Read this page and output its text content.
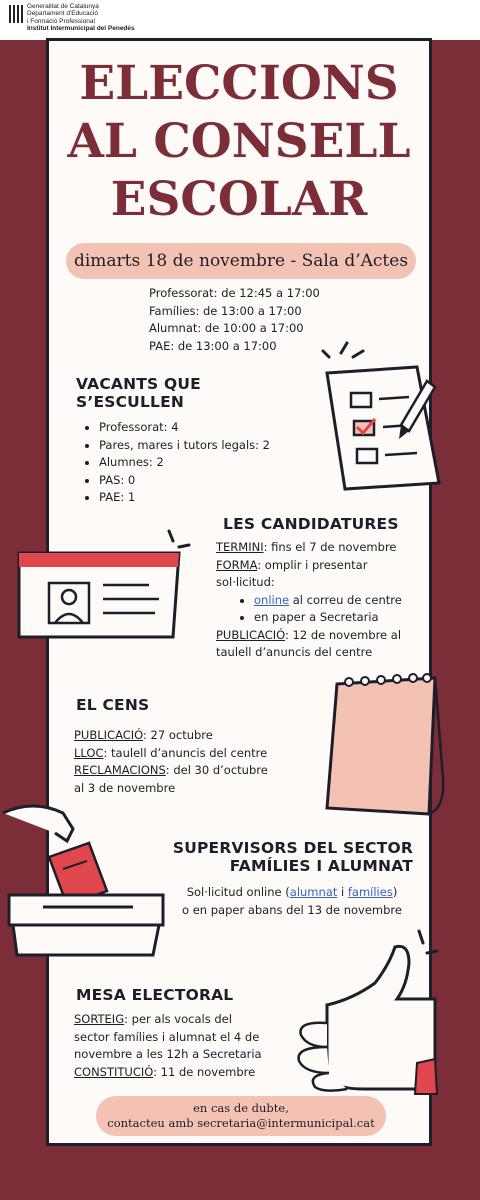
Generalitat de Catalunya
Departament d'Educació
i Formació Professional
Institut Intermunicipal del Penedès
ELECCIONS
AL CONSELL
ESCOLAR
dimarts 18 de novembre - Sala d’Actes
Professorat: de 12:45 a 17:00
Famílies: de 13:00 a 17:00
Alumnat: de 10:00 a 17:00
PAE: de 13:00 a 17:00
VACANTS QUE
S’ESCULLEN
• Professorat: 4
• Pares, mares i tutors legals: 2
• Alumnes: 2
• PAS: 0
• PAE: 1
LES CANDIDATURES
TERMINI: fins el 7 de novembre
FORMA: omplir i presentar
sol·licitud:
• online al correu de centre
• en paper a Secretaria
PUBLICACIÓ: 12 de novembre al
taulell d’anuncis del centre
EL CENS
PUBLICACIÓ: 27 octubre
LLOC: taulell d’anuncis del centre
RECLAMACIONS: del 30 d’octubre
al 3 de novembre
SUPERVISORS DEL SECTOR
FAMÍLIES I ALUMNAT
Sol·licitud online (alumnat i famílies)
o en paper abans del 13 de novembre
MESA ELECTORAL
SORTEIG: per als vocals del
sector famílies i alumnat el 4 de
novembre a les 12h a Secretaria
CONSTITUCIÓ: 11 de novembre
en cas de dubte,
contacteu amb secretaria@intermunicipal.cat
